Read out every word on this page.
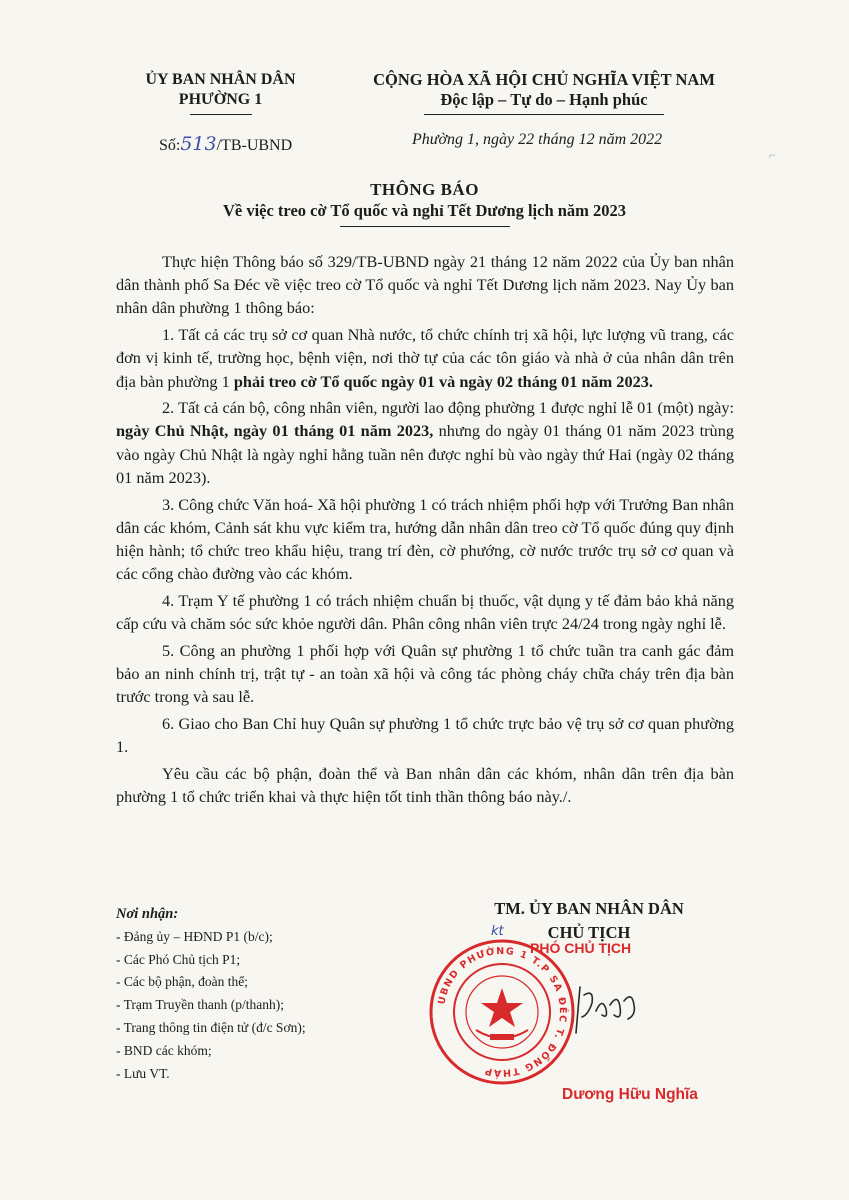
ỦY BAN NHÂN DÂN
PHƯỜNG 1
CỘNG HÒA XÃ HỘI CHỦ NGHĨA VIỆT NAM
Độc lập – Tự do – Hạnh phúc
Số:513/TB-UBND	Phường 1, ngày 22 tháng 12 năm 2022
⌐
THÔNG BÁO
Về việc treo cờ Tổ quốc và nghỉ Tết Dương lịch năm 2023

Thực hiện Thông báo số 329/TB-UBND ngày 21 tháng 12 năm 2022 của Ủy ban nhân dân thành phố Sa Đéc về việc treo cờ Tổ quốc và nghỉ Tết Dương lịch năm 2023. Nay Ủy ban nhân dân phường 1 thông báo:

1. Tất cả các trụ sở cơ quan Nhà nước, tổ chức chính trị xã hội, lực lượng vũ trang, các đơn vị kinh tế, trường học, bệnh viện, nơi thờ tự của các tôn giáo và nhà ở của nhân dân trên địa bàn phường 1 phải treo cờ Tổ quốc ngày 01 và ngày 02 tháng 01 năm 2023.

2. Tất cả cán bộ, công nhân viên, người lao động phường 1 được nghỉ lễ 01 (một) ngày: ngày Chủ Nhật, ngày 01 tháng 01 năm 2023, nhưng do ngày 01 tháng 01 năm 2023 trùng vào ngày Chủ Nhật là ngày nghỉ hằng tuần nên được nghỉ bù vào ngày thứ Hai (ngày 02 tháng 01 năm 2023).

3. Công chức Văn hoá- Xã hội phường 1 có trách nhiệm phối hợp với Trưởng Ban nhân dân các khóm, Cảnh sát khu vực kiểm tra, hướng dẫn nhân dân treo cờ Tổ quốc đúng quy định hiện hành; tổ chức treo khẩu hiệu, trang trí đèn, cờ phướng, cờ nước trước trụ sở cơ quan và các cổng chào đường vào các khóm.

4. Trạm Y tế phường 1 có trách nhiệm chuẩn bị thuốc, vật dụng y tế đảm bảo khả năng cấp cứu và chăm sóc sức khỏe người dân. Phân công nhân viên trực 24/24 trong ngày nghỉ lễ.

5. Công an phường 1 phối hợp với Quân sự phường 1 tổ chức tuần tra canh gác đảm bảo an ninh chính trị, trật tự - an toàn xã hội và công tác phòng cháy chữa cháy trên địa bàn trước trong và sau lễ.

6. Giao cho Ban Chỉ huy Quân sự phường 1 tổ chức trực bảo vệ trụ sở cơ quan phường 1.

Yêu cầu các bộ phận, đoàn thể và Ban nhân dân các khóm, nhân dân trên địa bàn phường 1 tổ chức triển khai và thực hiện tốt tinh thần thông báo này./.

Nơi nhận:
- Đảng ủy – HĐND P1 (b/c);
- Các Phó Chủ tịch P1;
- Các bộ phận, đoàn thể;
- Trạm Truyền thanh (p/thanh);
- Trang thông tin điện tử (đ/c Sơn);
- BND các khóm;
- Lưu VT.
TM. ỦY BAN NHÂN DÂN
CHỦ TỊCH
kt
UBND PHƯỜNG 1 T.P SA ĐÉC T. ĐỒNG THÁP
PHÓ CHỦ TỊCH
Dương Hữu Nghĩa
